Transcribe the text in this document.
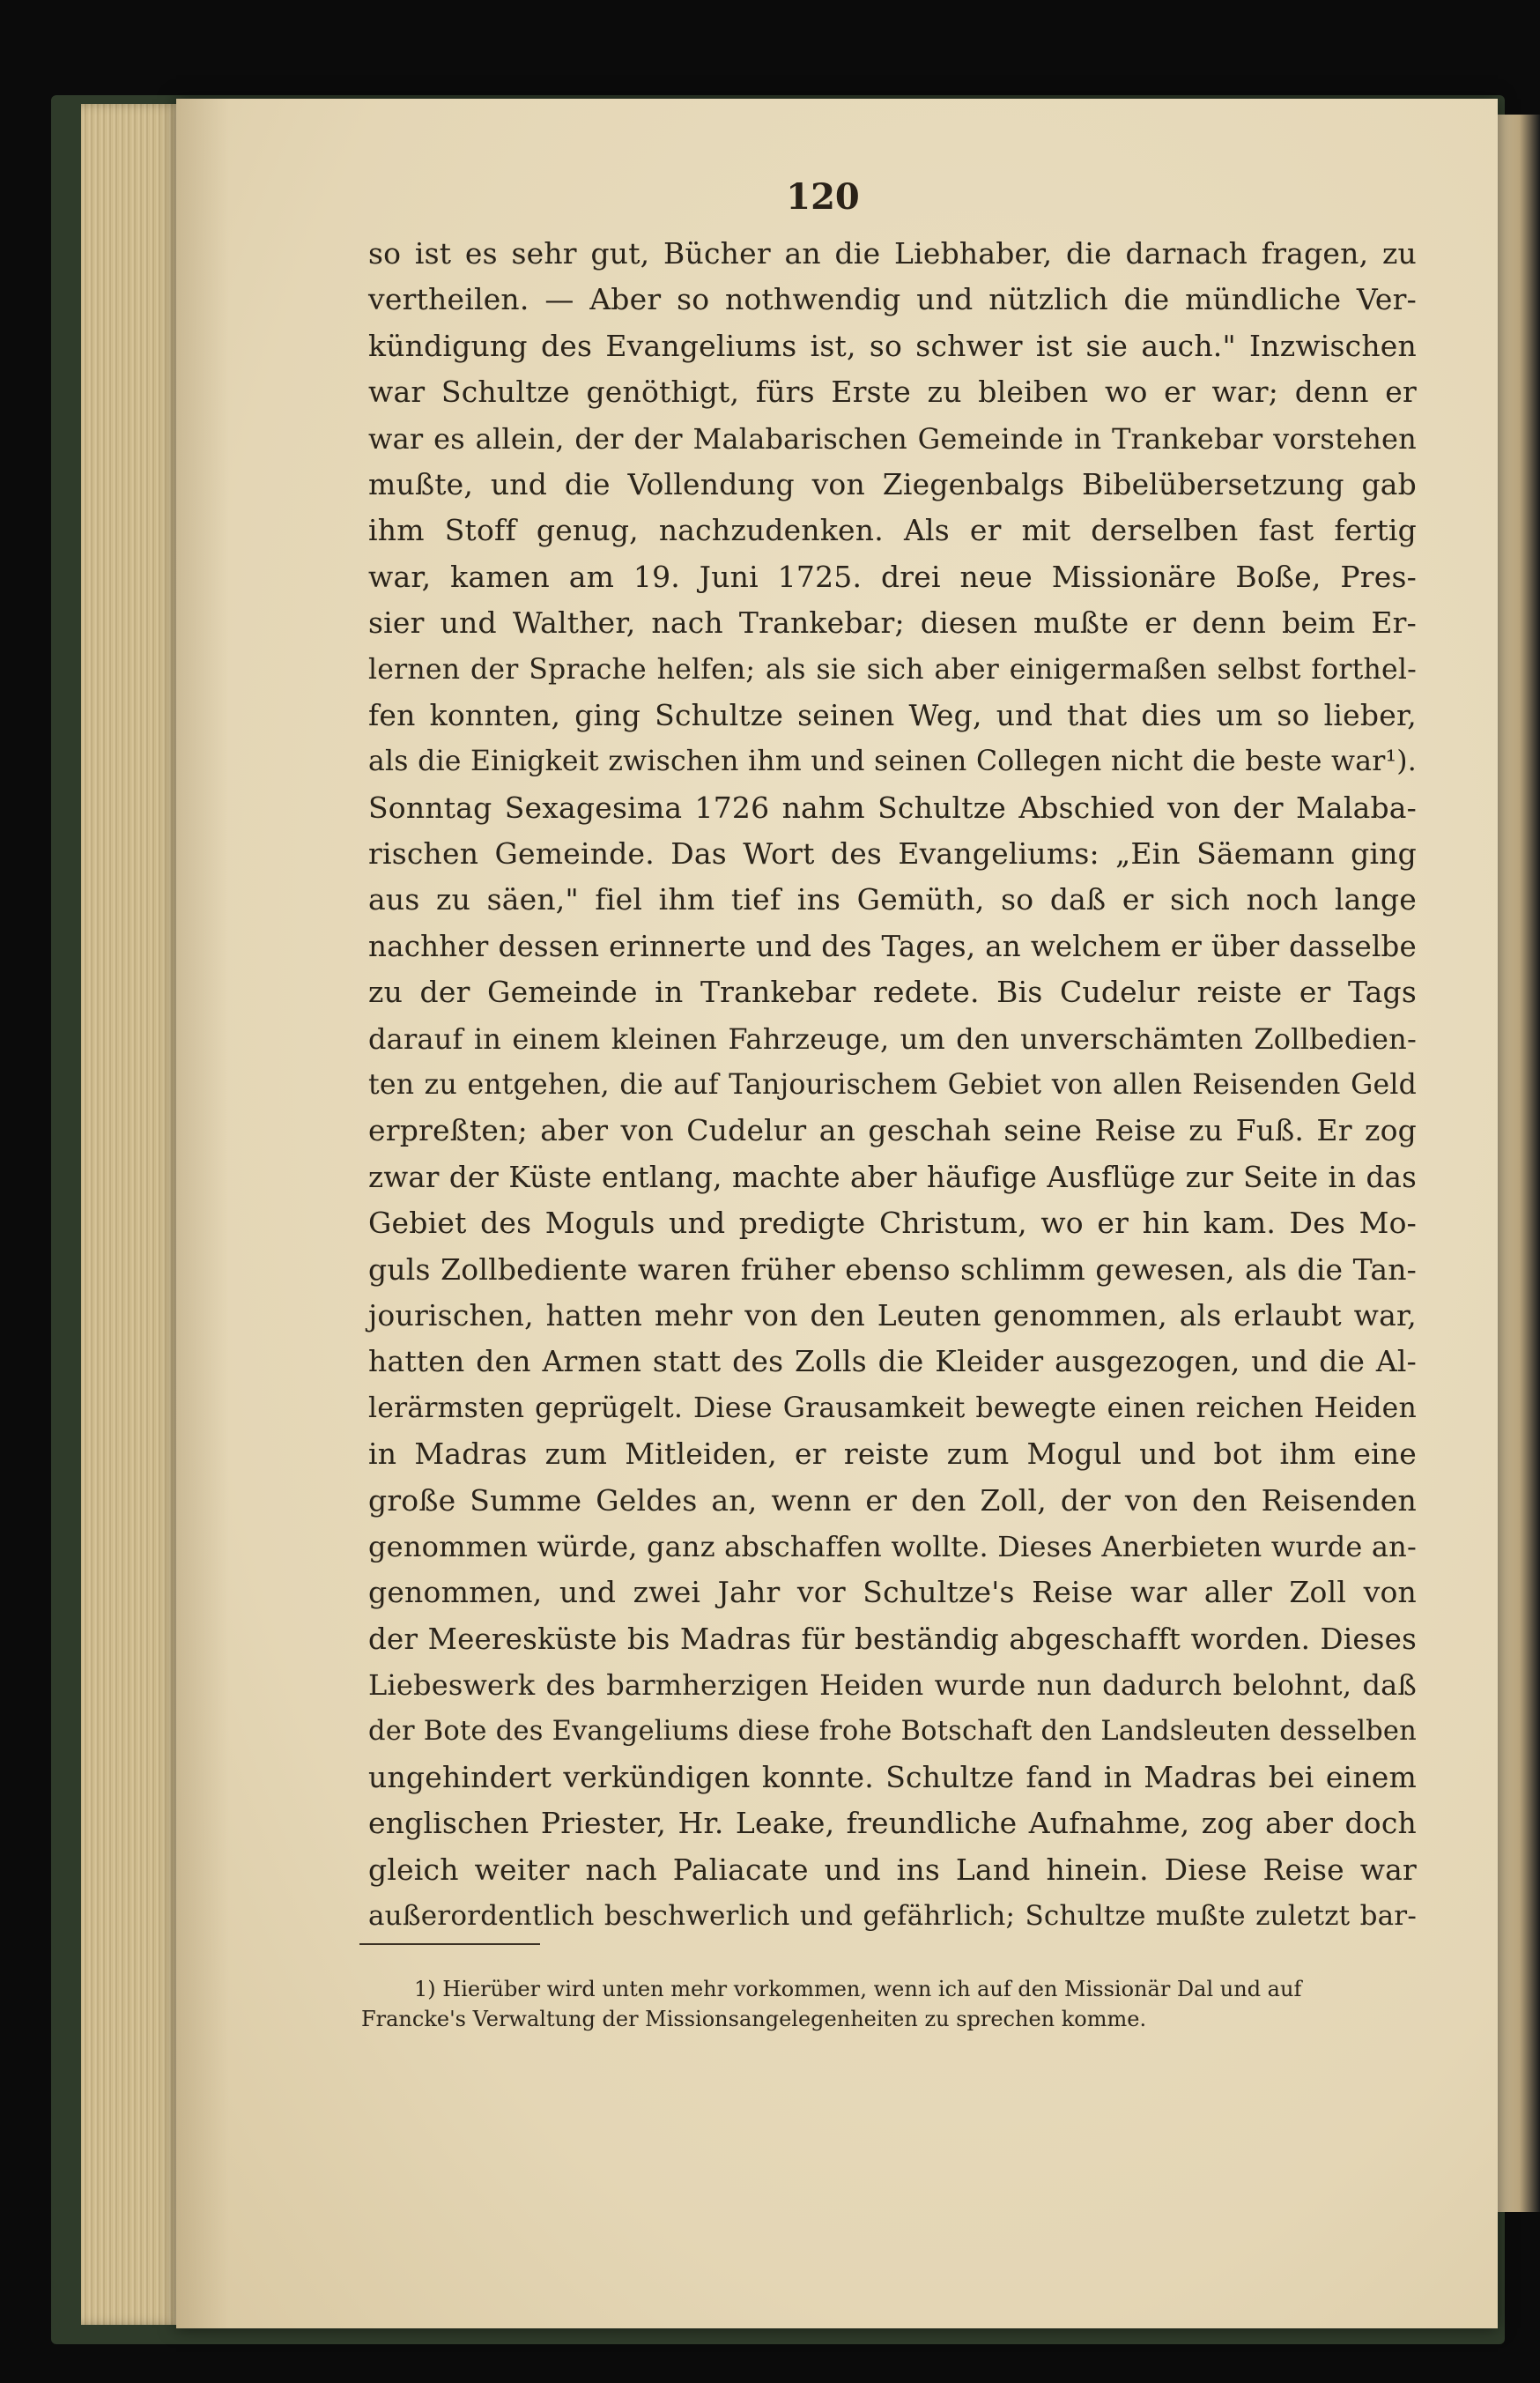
120
so ist es sehr gut, Bücher an die Liebhaber, die darnach fragen, zu
vertheilen. — Aber so nothwendig und nützlich die mündliche Ver-
kündigung des Evangeliums ist, so schwer ist sie auch." Inzwischen
war Schultze genöthigt, fürs Erste zu bleiben wo er war; denn er
war es allein, der der Malabarischen Gemeinde in Trankebar vorstehen
mußte, und die Vollendung von Ziegenbalgs Bibelübersetzung gab
ihm Stoff genug, nachzudenken. Als er mit derselben fast fertig
war, kamen am 19. Juni 1725. drei neue Missionäre Boße, Pres-
sier und Walther, nach Trankebar; diesen mußte er denn beim Er-
lernen der Sprache helfen; als sie sich aber einigermaßen selbst forthel-
fen konnten, ging Schultze seinen Weg, und that dies um so lieber,
als die Einigkeit zwischen ihm und seinen Collegen nicht die beste war¹).
Sonntag Sexagesima 1726 nahm Schultze Abschied von der Malaba-
rischen Gemeinde. Das Wort des Evangeliums: „Ein Säemann ging
aus zu säen," fiel ihm tief ins Gemüth, so daß er sich noch lange
nachher dessen erinnerte und des Tages, an welchem er über dasselbe
zu der Gemeinde in Trankebar redete. Bis Cudelur reiste er Tags
darauf in einem kleinen Fahrzeuge, um den unverschämten Zollbedien-
ten zu entgehen, die auf Tanjourischem Gebiet von allen Reisenden Geld
erpreßten; aber von Cudelur an geschah seine Reise zu Fuß. Er zog
zwar der Küste entlang, machte aber häufige Ausflüge zur Seite in das
Gebiet des Moguls und predigte Christum, wo er hin kam. Des Mo-
guls Zollbediente waren früher ebenso schlimm gewesen, als die Tan-
jourischen, hatten mehr von den Leuten genommen, als erlaubt war,
hatten den Armen statt des Zolls die Kleider ausgezogen, und die Al-
lerärmsten geprügelt. Diese Grausamkeit bewegte einen reichen Heiden
in Madras zum Mitleiden, er reiste zum Mogul und bot ihm eine
große Summe Geldes an, wenn er den Zoll, der von den Reisenden
genommen würde, ganz abschaffen wollte. Dieses Anerbieten wurde an-
genommen, und zwei Jahr vor Schultze's Reise war aller Zoll von
der Meeresküste bis Madras für beständig abgeschafft worden. Dieses
Liebeswerk des barmherzigen Heiden wurde nun dadurch belohnt, daß
der Bote des Evangeliums diese frohe Botschaft den Landsleuten desselben
ungehindert verkündigen konnte. Schultze fand in Madras bei einem
englischen Priester, Hr. Leake, freundliche Aufnahme, zog aber doch
gleich weiter nach Paliacate und ins Land hinein. Diese Reise war
außerordentlich beschwerlich und gefährlich; Schultze mußte zuletzt bar-
1) Hierüber wird unten mehr vorkommen, wenn ich auf den Missionär Dal und auf
Francke's Verwaltung der Missionsangelegenheiten zu sprechen komme.
